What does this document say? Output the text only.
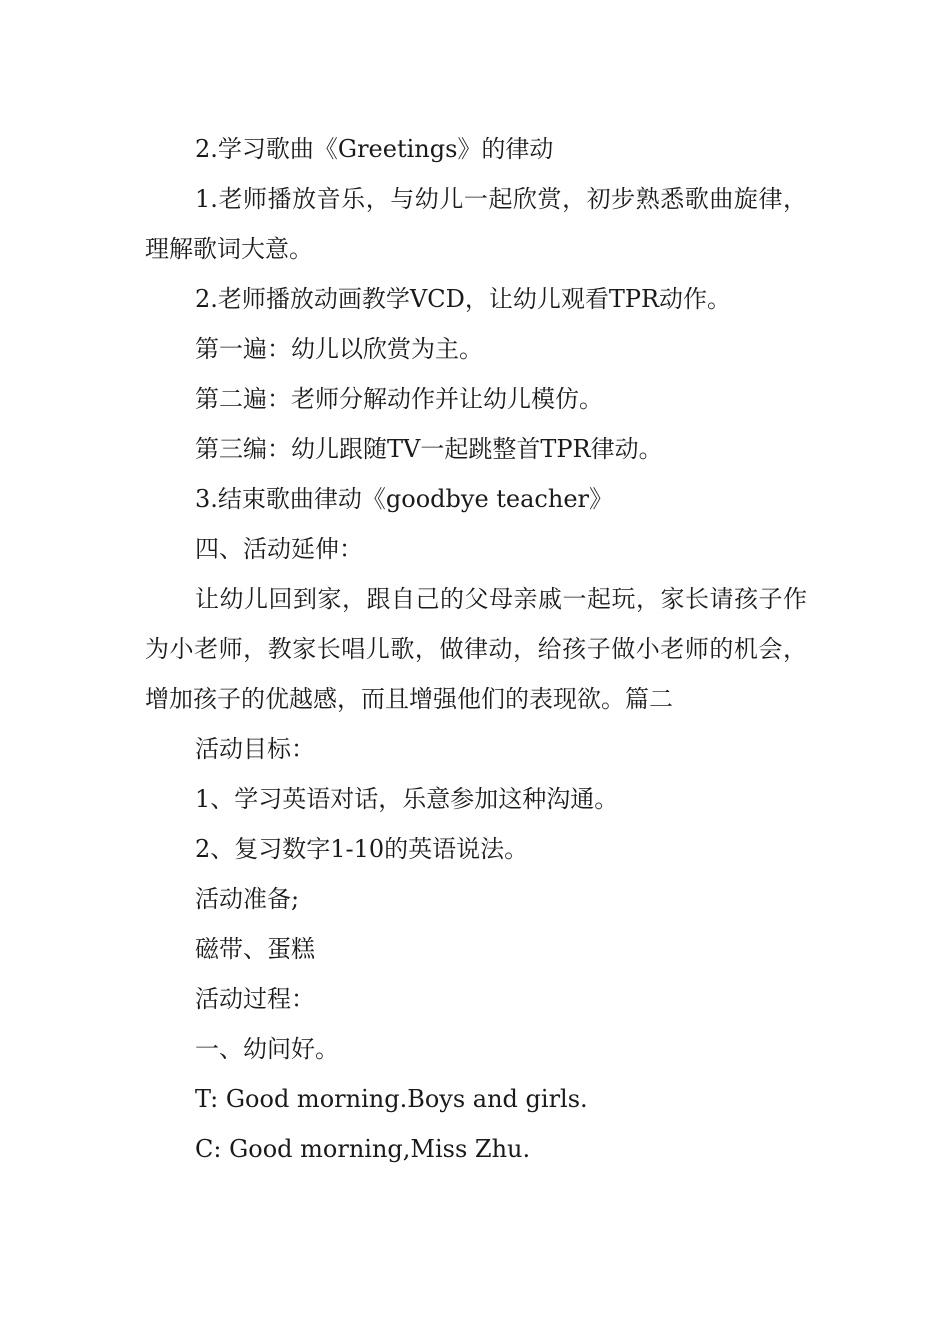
2.学习歌曲《Greetings》的律动

1.老师播放音乐，与幼儿一起欣赏，初步熟悉歌曲旋律，理解歌词大意。

2.老师播放动画教学VCD，让幼儿观看TPR动作。

第一遍：幼儿以欣赏为主。

第二遍：老师分解动作并让幼儿模仿。

第三编：幼儿跟随TV一起跳整首TPR律动。

3.结束歌曲律动《goodbye teacher》

四、活动延伸：

让幼儿回到家，跟自己的父母亲戚一起玩，家长请孩子作为小老师，教家长唱儿歌，做律动，给孩子做小老师的机会，增加孩子的优越感，而且增强他们的表现欲。篇二

活动目标：

1、学习英语对话，乐意参加这种沟通。

2、复习数字1-10的英语说法。

活动准备;

磁带、蛋糕

活动过程：

一、幼问好。

T: Good morning.Boys and girls.

C: Good morning,Miss Zhu.
